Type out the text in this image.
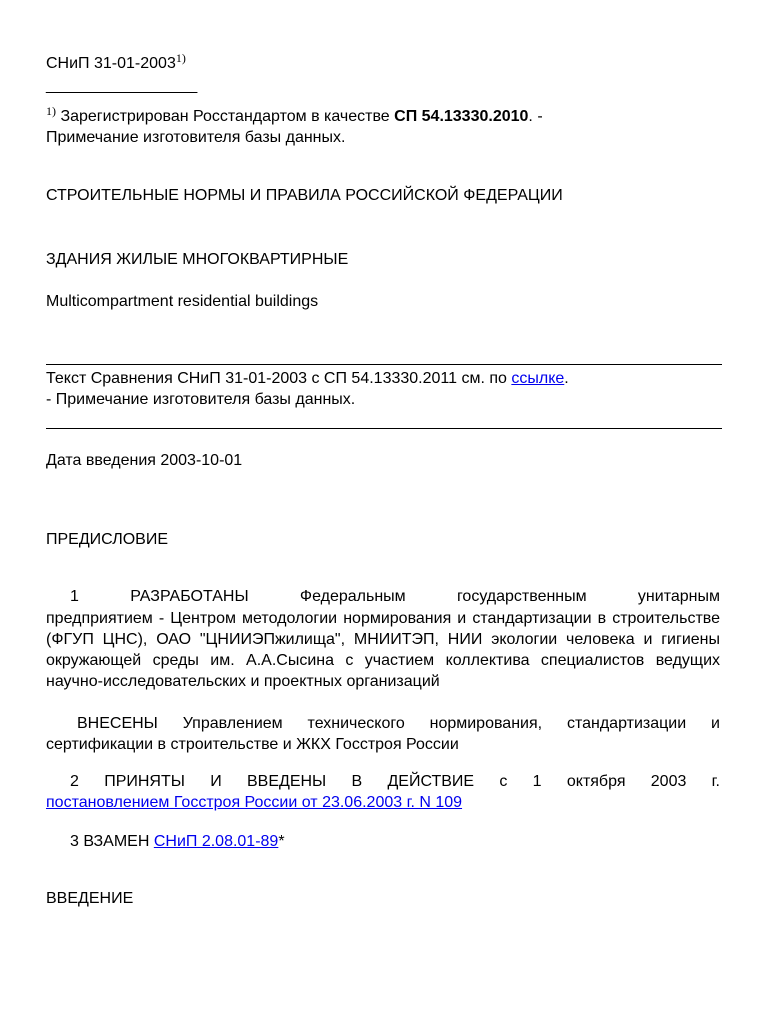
СНиП 31-01-2003$^{1)}$
_________________
$^{1)}$ Зарегистрирован Росстандартом в качестве СП 54.13330.2010. -
Примечание изготовителя базы данных.
СТРОИТЕЛЬНЫЕ НОРМЫ И ПРАВИЛА РОССИЙСКОЙ ФЕДЕРАЦИИ
ЗДАНИЯ ЖИЛЫЕ МНОГОКВАРТИРНЫЕ
Multicompartment residential buildings
Текст Сравнения СНиП 31-01-2003 с СП 54.13330.2011 см. по ссылке.
- Примечание изготовителя базы данных.
Дата введения 2003-10-01
ПРЕДИСЛОВИЕ
1	РАЗРАБОТАНЫ	Федеральным	государственным	унитарным
предприятием - Центром методологии нормирования и стандартизации в строительстве (ФГУП ЦНС), ОАО "ЦНИИЭПжилища", МНИИТЭП, НИИ экологии человека и гигиены окружающей среды им. А.А.Сысина с участием коллектива специалистов ведущих научно-исследовательских и проектных организаций
ВНЕСЕНЫ Управлением технического нормирования, стандартизации и сертификации в строительстве и ЖКХ Госстроя России
2 ПРИНЯТЫ И ВВЕДЕНЫ В ДЕЙСТВИЕ с 1 октября 2003 г.
постановлением Госстроя России от 23.06.2003 г. N 109
3 ВЗАМЕН СНиП 2.08.01-89*
ВВЕДЕНИЕ
